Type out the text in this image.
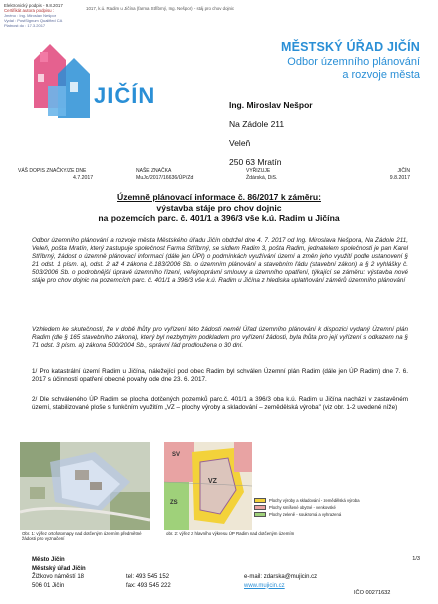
Elektronický podpis - 9.8.2017
Certifikát autora podpisu :
Jméno : Ing. Miroslav Nešpor
Vydal : PostSignum Qualified CA
Platnost do : 17.3.2017
1017, k.ú. Radim u Jičína (farma Stříbrný, Ing. Nešpor) - stáj pro chov dojnic
JIČÍN
MĚSTSKÝ ÚŘAD JIČÍN
Odbor územního plánování
a rozvoje města
Ing. Miroslav Nešpor
Na Zádole 211
Veleň
250 63 Mratín
VÁŠ DOPIS ZNAČKY/ZE DNE
4.7.2017
NAŠE ZNAČKA
MuJc/2017/16636/ÚP/Zd
VYŘIZUJE
Ždárská, DiS.
JIČÍN
9.8.2017
Územně plánovací informace č. 86/2017 k záměru:
výstavba stáje pro chov dojnic
na pozemcích parc. č. 401/1 a 396/3 vše k.ú. Radim u Jičína
Odbor územního plánování a rozvoje města Městského úřadu Jičín obdržel dne 4. 7. 2017 od Ing. Miroslava Nešpora, Na Zádole 211, Veleň, pošta Mratín, který zastupuje společnost Farma Stříbrný, se sídlem Radim 3, pošta Radim, jednatelem společnosti je pan Karel Stříbrný, žádost o územně plánovací informaci (dále jen ÚPI) o podmínkách využívání území a změn jeho využití podle ustanovení § 21 odst. 1 písm. a), odst. 2 až 4 zákona č.183/2006 Sb. o územním plánování a stavebním řádu (stavební zákon) a § 2 vyhlášky č. 503/2006 Sb. o podrobnější úpravě územního řízení, veřejnoprávní smlouvy a územního opatření, týkající se záměru: výstavba nové stáje pro chov dojnic na pozemcích parc. č. 401/1 a 396/3 vše k.ú. Radim u Jičína z hlediska uplatňování záměrů územního plánování
Vzhledem ke skutečnosti, že v době lhůty pro vyřízení této žádosti neměl Úřad územního plánování k dispozici vydaný Územní plán Radim (dle § 165 stavebního zákona), který byl nezbytným podkladem pro vyřízení žádosti, byla lhůta pro její vyřízení s odkazem na § 71 odst. 3 písm. a) zákona 500/2004 Sb., správní řád prodloužena o 30 dní.
1/ Pro katastrální území Radim u Jičína, náležející pod obec Radim byl schválen Územní plán Radim (dále jen ÚP Radim) dne 7. 6. 2017 s účinností opatření obecné povahy ode dne 23. 6. 2017.
2/ Dle schváleného ÚP Radim se plocha dotčených pozemků parc.č. 401/1 a 396/3 oba k.ú. Radim u Jičína nachází v zastavěném území, stabilizované ploše s funkčním využitím „VZ – plochy výroby a skladování – zemědělská výroba" (viz obr. 1-2 uvedené níže)
Obr. 1: výřez ortofotomapy nad dotčeným územím předmětné žádosti pro vyznačení
VZ
SV
ZS
obr. 2: výřez z hlavního výkresu ÚP Radim nad dotčeným územím
Plochy výroby a skladování - zemědělská výroba
Plochy smíšené obytné - venkovské
Plochy zeleně - soukromá a vyhrazená
Město Jičín
Městský úřad Jičín
Žižkovo náměstí 18
506 01 Jičín
tel: 493 545 152
fax: 493 545 222
e-mail: zdarska@mujicin.cz
www.mujicin.cz
1/3
IČO 00271632
